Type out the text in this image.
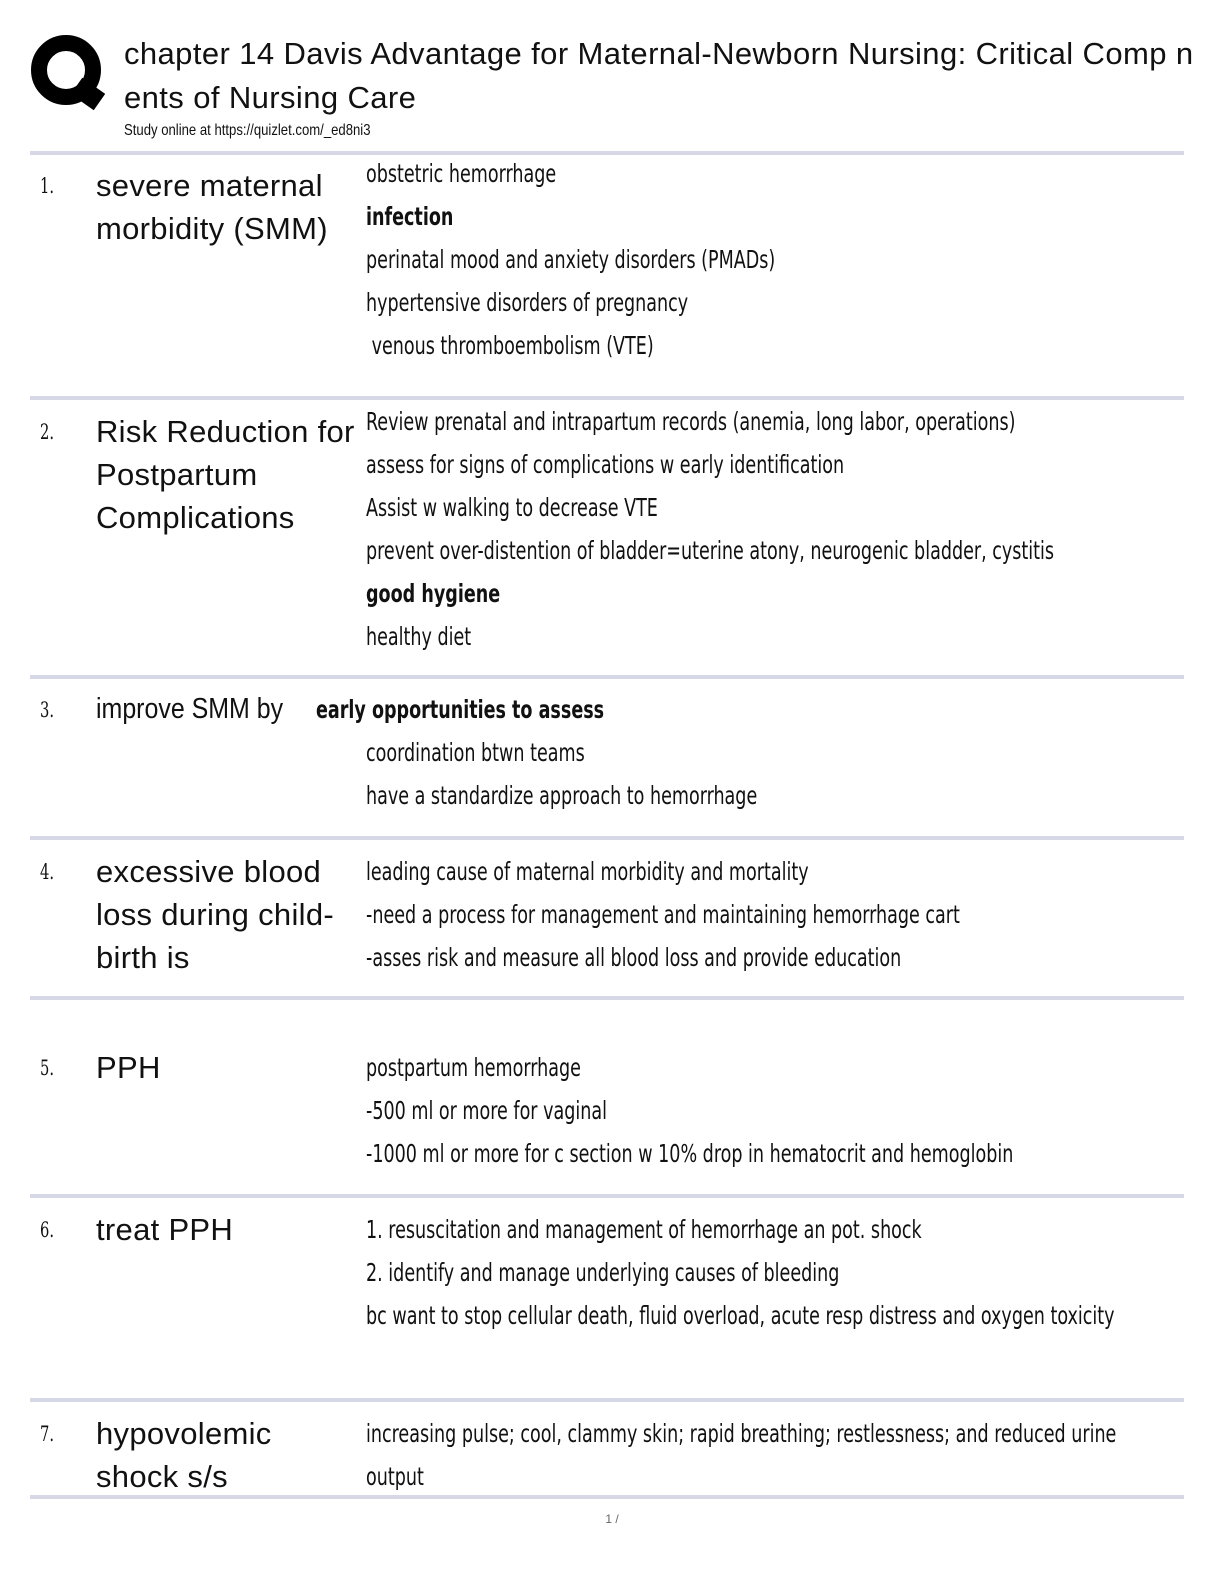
chapter 14 Davis Advantage for Maternal-Newborn Nursing: Critical Comp nents of Nursing Care
Study online at https://quizlet.com/_ed8ni3
1. severe maternal morbidity (SMM)
obstetric hemorrhage
infection
perinatal mood and anxiety disorders (PMADs)
hypertensive disorders of pregnancy
venous thromboembolism (VTE)
2. Risk Reduction for Postpartum Complications
Review prenatal and intrapartum records (anemia, long labor, operations)
assess for signs of complications w early identification
Assist w walking to decrease VTE
prevent over-distention of bladder=uterine atony, neurogenic bladder, cystitis
good hygiene
healthy diet
3. improve SMM by early opportunities to assess
coordination btwn teams
have a standardize approach to hemorrhage
4. excessive blood loss during child-birth is
leading cause of maternal morbidity and mortality
-need a process for management and maintaining hemorrhage cart
-asses risk and measure all blood loss and provide education
5. PPH	postpartum hemorrhage
-500 ml or more for vaginal
-1000 ml or more for c section w 10% drop in hematocrit and hemoglobin
6. treat PPH	1. resuscitation and management of hemorrhage an pot. shock
2. identify and manage underlying causes of bleeding
bc want to stop cellular death, fluid overload, acute resp distress and oxygen toxicity
7. hypovolemic shock s/s
increasing pulse; cool, clammy skin; rapid breathing; restlessness; and reduced urine output
1 /
